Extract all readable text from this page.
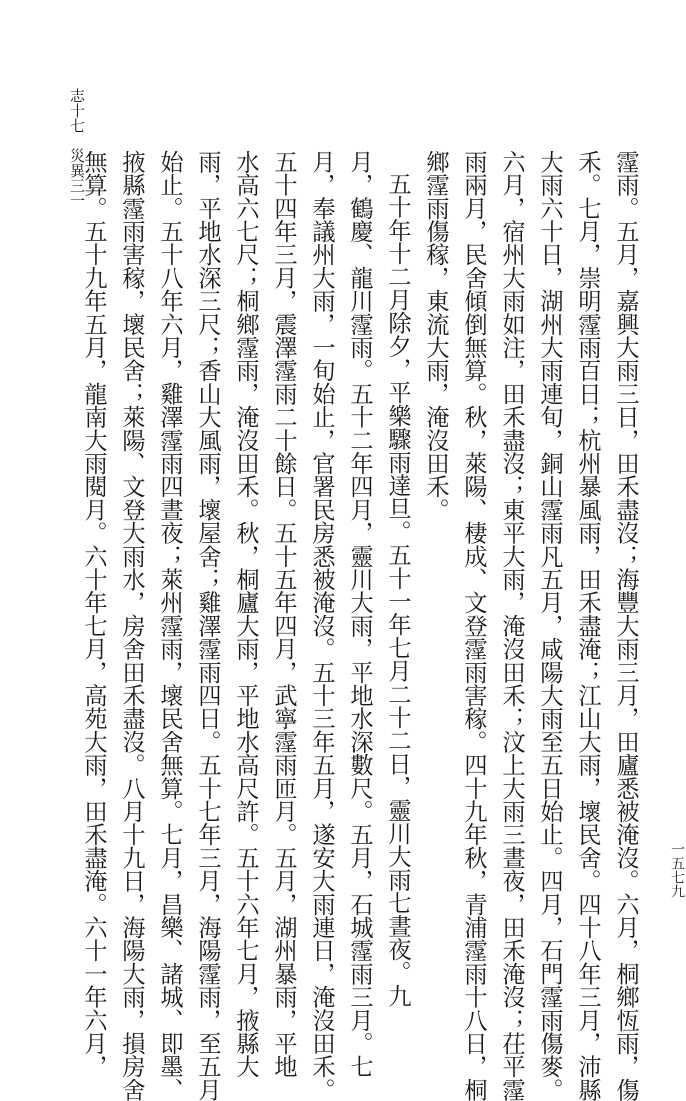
志十七　災異三一
一五七九
霪雨。五月，嘉興大雨三日，田禾盡沒；海豐大雨三月，田廬悉被淹沒。六月，桐鄉恆雨，傷
禾。七月，崇明霪雨百日；杭州暴風雨，田禾盡淹；江山大雨，壞民舍。四十八年三月，沛縣
大雨六十日，湖州大雨連旬，銅山霪雨凡五月，咸陽大雨至五日始止。四月，石門霪雨傷麥。
六月，宿州大雨如注，田禾盡沒；東平大雨，淹沒田禾；汶上大雨三晝夜，田禾淹沒；茌平霪
雨兩月，民舍傾倒無算。秋，萊陽、棲成、文登霪雨害稼。四十九年秋，青浦霪雨十八日，桐
鄉霪雨傷稼，東流大雨，淹沒田禾。
五十年十二月除夕，平樂驟雨達旦。五十一年七月二十二日，靈川大雨七晝夜。九
月，鶴慶、龍川霪雨。五十二年四月，靈川大雨，平地水深數尺。五月，石城霪雨三月。七
月，奉議州大雨，一旬始止，官署民房悉被淹沒。五十三年五月，遂安大雨連日，淹沒田禾。
五十四年三月，震澤霪雨二十餘日。五十五年四月，武寧霪雨匝月。五月，湖州暴雨，平地
水高六七尺；桐鄉霪雨，淹沒田禾。秋，桐廬大雨，平地水高尺許。五十六年七月，掖縣大
雨，平地水深三尺；香山大風雨，壞屋舍；雞澤霪雨四日。五十七年三月，海陽霪雨，至五月
始止。五十八年六月，雞澤霪雨四晝夜；萊州霪雨，壞民舍無算。七月，昌樂、諸城、即墨、
掖縣霪雨害稼，壞民舍；萊陽、文登大雨水，房舍田禾盡沒。八月十九日，海陽大雨，損房舍
無算。五十九年五月，龍南大雨閱月。六十年七月，高苑大雨，田禾盡淹。六十一年六月，
